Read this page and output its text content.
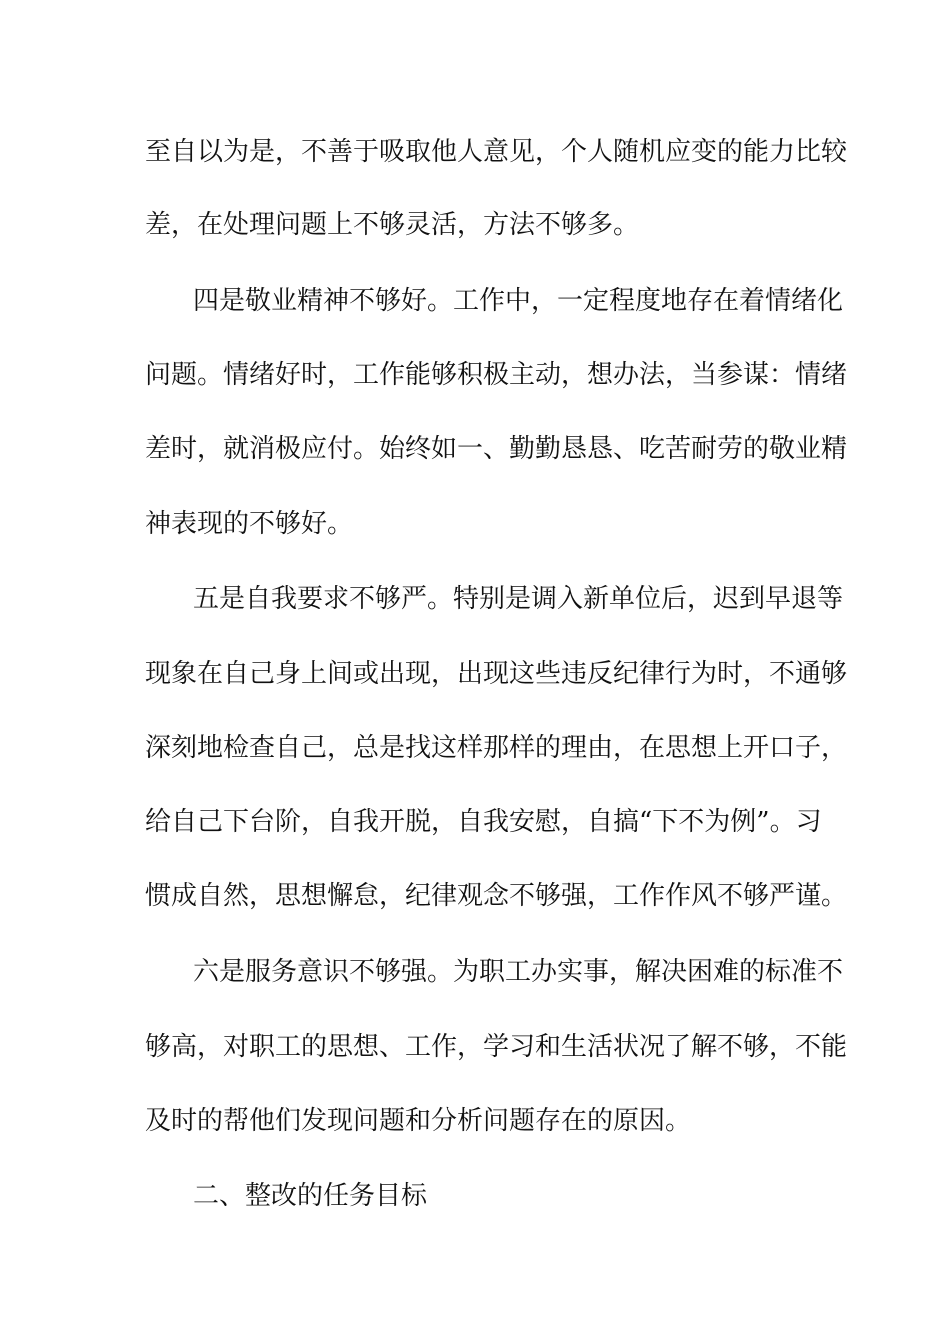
至自以为是，不善于吸取他人意见，个人随机应变的能力比较
差，在处理问题上不够灵活，方法不够多。
四是敬业精神不够好。工作中，一定程度地存在着情绪化
问题。情绪好时，工作能够积极主动，想办法，当参谋：情绪
差时，就消极应付。始终如一、勤勤恳恳、吃苦耐劳的敬业精
神表现的不够好。
五是自我要求不够严。特别是调入新单位后，迟到早退等
现象在自己身上间或出现，出现这些违反纪律行为时，不通够
深刻地检查自己，总是找这样那样的理由，在思想上开口子，
给自己下台阶，自我开脱，自我安慰，自搞“下不为例”。习
惯成自然，思想懈怠，纪律观念不够强，工作作风不够严谨。
六是服务意识不够强。为职工办实事，解决困难的标准不
够高，对职工的思想、工作，学习和生活状况了解不够，不能
及时的帮他们发现问题和分析问题存在的原因。
二、整改的任务目标
